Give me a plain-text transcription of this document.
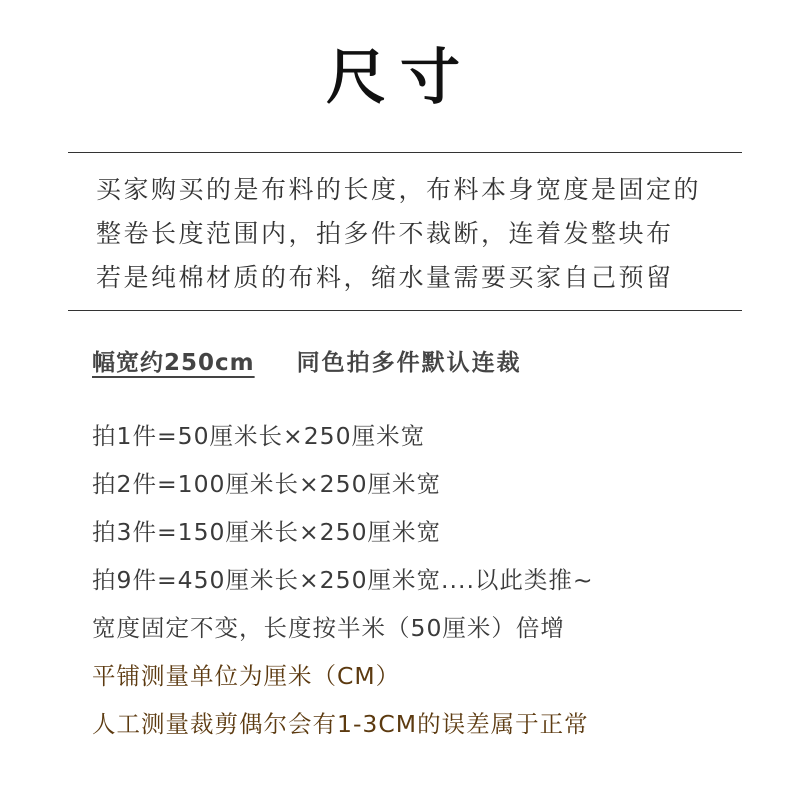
尺寸
买家购买的是布料的长度，布料本身宽度是固定的
整卷长度范围内，拍多件不裁断，连着发整块布
若是纯棉材质的布料，缩水量需要买家自己预留
幅宽约250cm 同色拍多件默认连裁
拍1件=50厘米长×250厘米宽
拍2件=100厘米长×250厘米宽
拍3件=150厘米长×250厘米宽
拍9件=450厘米长×250厘米宽....以此类推~
宽度固定不变，长度按半米（50厘米）倍增
平铺测量单位为厘米（CM）
人工测量裁剪偶尔会有1-3CM的误差属于正常
